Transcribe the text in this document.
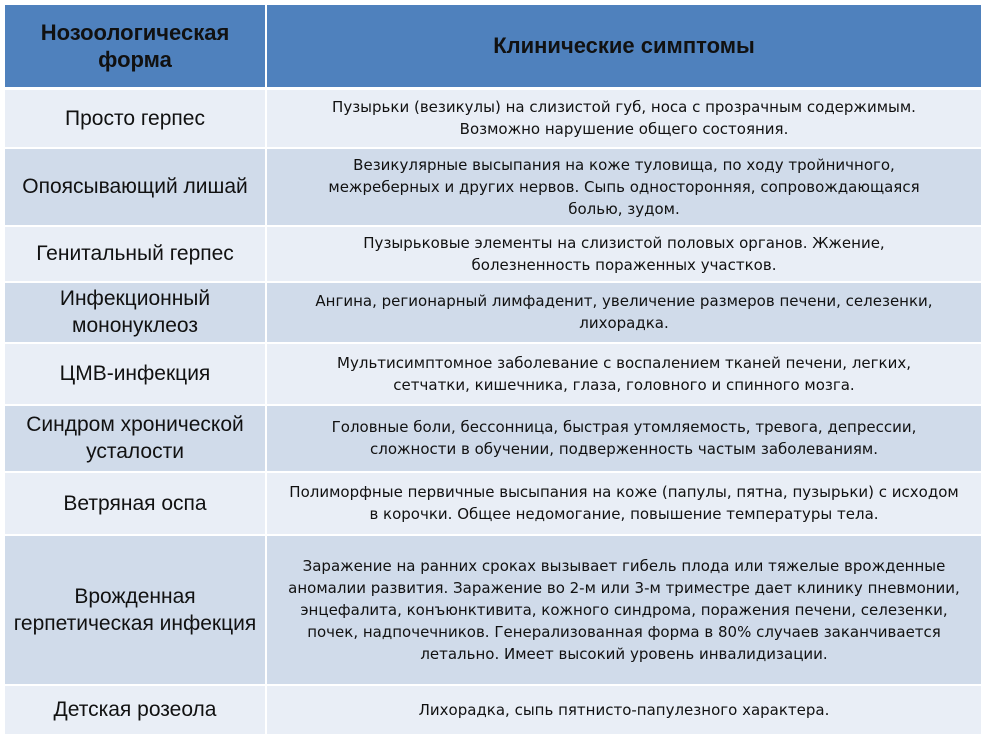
Нозоологическая форма	Клинические симптомы
Просто герпес	Пузырьки (везикулы) на слизистой губ, носа с прозрачным содержимым. Возможно нарушение общего состояния.
Опоясывающий лишай	Везикулярные высыпания на коже туловища, по ходу тройничного, межреберных и других нервов. Сыпь односторонняя, сопровождающаяся болью, зудом.
Генитальный герпес	Пузырьковые элементы на слизистой половых органов. Жжение, болезненность пораженных участков.
Инфекционный мононуклеоз	Ангина, регионарный лимфаденит, увеличение размеров печени, селезенки, лихорадка.
ЦМВ-инфекция	Мультисимптомное заболевание с воспалением тканей печени, легких, сетчатки, кишечника, глаза, головного и спинного мозга.
Синдром хронической усталости	Головные боли, бессонница, быстрая утомляемость, тревога, депрессии, сложности в обучении, подверженность частым заболеваниям.
Ветряная оспа	Полиморфные первичные высыпания на коже (папулы, пятна, пузырьки) с исходом в корочки. Общее недомогание, повышение температуры тела.
Врожденная герпетическая инфекция	Заражение на ранних сроках вызывает гибель плода или тяжелые врожденные аномалии развития. Заражение во 2-м или 3-м триместре дает клинику пневмонии, энцефалита, конъюнктивита, кожного синдрома, поражения печени, селезенки, почек, надпочечников. Генерализованная форма в 80% случаев заканчивается летально. Имеет высокий уровень инвалидизации.
Детская розеола	Лихорадка, сыпь пятнисто-папулезного характера.
